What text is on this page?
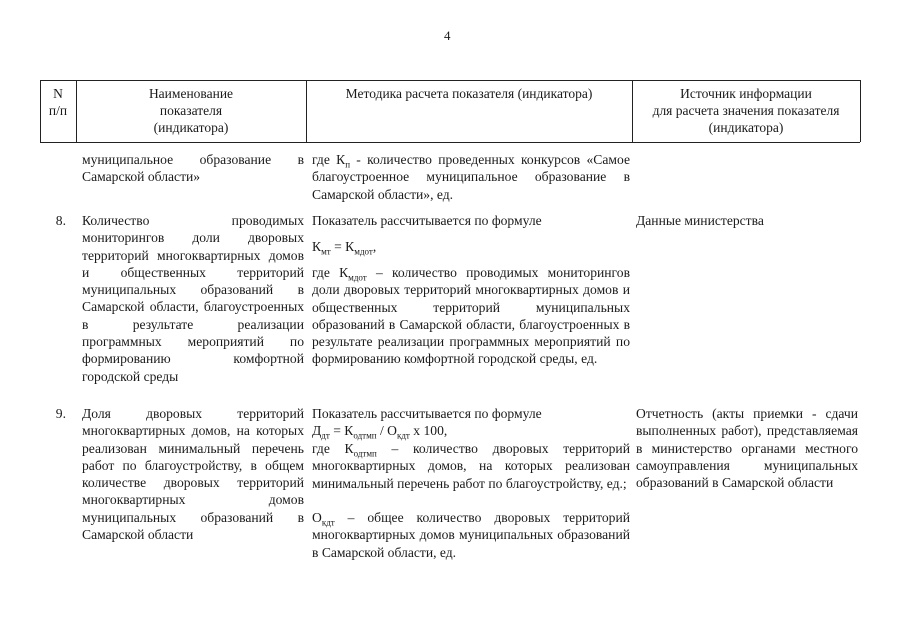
4
N
п/п
Наименование
показателя
(индикатора)
Методика расчета показателя (индикатора)	Источник информации
для расчета значения показателя
(индикатора)
муниципальное образование в Самарской области»
где $К_п$ - количество проведенных конкурсов «Самое благоустроенное муниципальное образование в Самарской области», ед.
8. Количество проводимых мониторингов доли дворовых территорий многоквартирных домов и общественных территорий муниципальных образований в Самарской области, благоустроенных в результате реализации программных мероприятий по формированию комфортной городской среды
Показатель рассчитывается по формуле
$К_{мт} = К_{мдот}$,
где $К_{мдот}$ – количество проводимых мониторингов доли дворовых территорий многоквартирных домов и общественных территорий муниципальных образований в Самарской области, благоустроенных в результате реализации программных мероприятий по формированию комфортной городской среды, ед.
Данные министерства
9. Доля дворовых территорий многоквартирных домов, на которых реализован минимальный перечень работ по благоустройству, в общем количестве дворовых территорий многоквартирных домов муниципальных образований в Самарской области
Показатель рассчитывается по формуле
$Д_{дт} = К_{одтмп} / О_{кдт}$ х 100,
где $К_{одтмп}$ – количество дворовых территорий многоквартирных домов, на которых реализован минимальный перечень работ по благоустройству, ед.;
$О_{кдт}$ – общее количество дворовых территорий многоквартирных домов муниципальных образований в Самарской области, ед.
Отчетность (акты приемки - сдачи выполненных работ), представляемая в министерство органами местного самоуправления муниципальных образований в Самарской области
